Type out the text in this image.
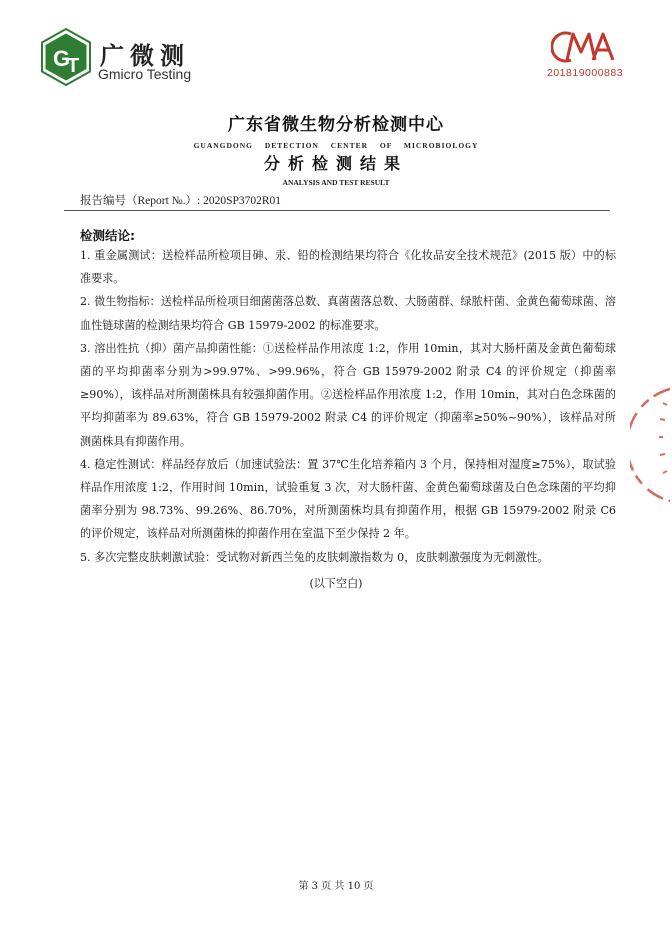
G
T 广微测
Gmicro Testing	201819000883
广东省微生物分析检测中心
GUANGDONG DETECTION CENTER OF MICROBIOLOGY
分析检测结果
ANALYSIS AND TEST RESULT
报告编号（Report №.）: 2020SP3702R01
检测结论:

1. 重金属测试：送检样品所检项目砷、汞、铅的检测结果均符合《化妆品安全技术规范》(2015 版）中的标准要求。

2. 微生物指标：送检样品所检项目细菌菌落总数、真菌菌落总数、大肠菌群、绿脓杆菌、金黄色葡萄球菌、溶血性链球菌的检测结果均符合 GB 15979-2002 的标准要求。

3. 溶出性抗（抑）菌产品抑菌性能：①送检样品作用浓度 1:2，作用 10min，其对大肠杆菌及金黄色葡萄球菌的平均抑菌率分别为>99.97%、>99.96%，符合 GB 15979-2002 附录 C4 的评价规定（抑菌率≥90%），该样品对所测菌株具有较强抑菌作用。②送检样品作用浓度 1:2，作用 10min，其对白色念珠菌的平均抑菌率为 89.63%，符合 GB 15979-2002 附录 C4 的评价规定（抑菌率≥50%~90%），该样品对所测菌株具有抑菌作用。

4. 稳定性测试：样品经存放后（加速试验法：置 37℃生化培养箱内 3 个月，保持相对湿度≥75%），取试验样品作用浓度 1:2，作用时间 10min，试验重复 3 次，对大肠杆菌、金黄色葡萄球菌及白色念珠菌的平均抑菌率分别为 98.73%、99.26%、86.70%，对所测菌株均具有抑菌作用，根据 GB 15979-2002 附录 C6 的评价规定，该样品对所测菌株的抑菌作用在室温下至少保持 2 年。

5. 多次完整皮肤刺激试验：受试物对新西兰兔的皮肤刺激指数为 0，皮肤刺激强度为无刺激性。

(以下空白)
第 3 页 共 10 页
